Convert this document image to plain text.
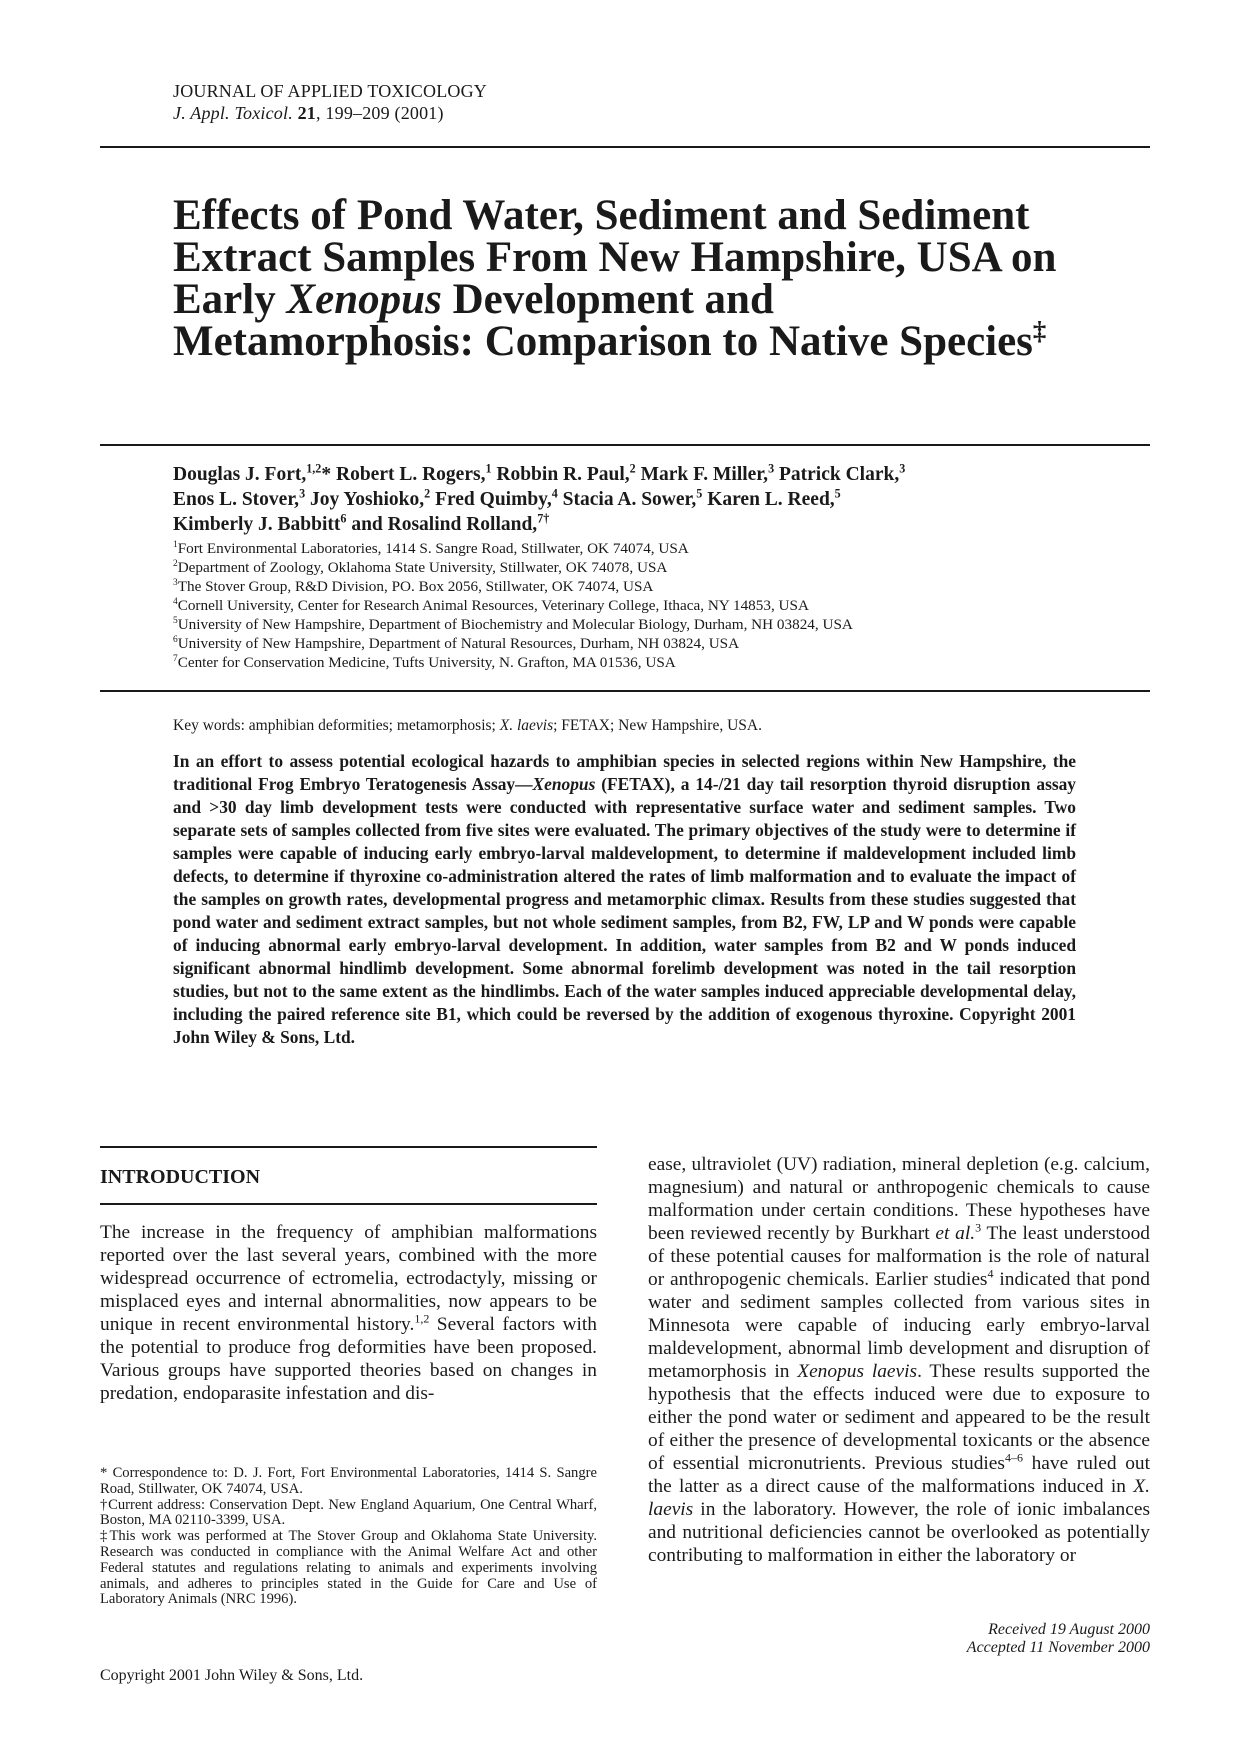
JOURNAL OF APPLIED TOXICOLOGY
J. Appl. Toxicol. 21, 199–209 (2001)
Effects of Pond Water, Sediment and Sediment Extract Samples From New Hampshire, USA on Early Xenopus Development and Metamorphosis: Comparison to Native Species‡
Douglas J. Fort,$^{1,2}$* Robert L. Rogers,$^1$ Robbin R. Paul,$^2$ Mark F. Miller,$^3$ Patrick Clark,$^3$
Enos L. Stover,$^3$ Joy Yoshioko,$^2$ Fred Quimby,$^4$ Stacia A. Sower,$^5$ Karen L. Reed,$^5$
Kimberly J. Babbitt$^6$ and Rosalind Rolland,$^{7\dagger}$
$^1$Fort Environmental Laboratories, 1414 S. Sangre Road, Stillwater, OK 74074, USA
$^2$Department of Zoology, Oklahoma State University, Stillwater, OK 74078, USA
$^3$The Stover Group, R&D Division, PO. Box 2056, Stillwater, OK 74074, USA
$^4$Cornell University, Center for Research Animal Resources, Veterinary College, Ithaca, NY 14853, USA
$^5$University of New Hampshire, Department of Biochemistry and Molecular Biology, Durham, NH 03824, USA
$^6$University of New Hampshire, Department of Natural Resources, Durham, NH 03824, USA
$^7$Center for Conservation Medicine, Tufts University, N. Grafton, MA 01536, USA
Key words: amphibian deformities; metamorphosis; X. laevis; FETAX; New Hampshire, USA.
In an effort to assess potential ecological hazards to amphibian species in selected regions within New Hampshire, the traditional Frog Embryo Teratogenesis Assay—Xenopus (FETAX), a 14-/21 day tail resorption thyroid disruption assay and >30 day limb development tests were conducted with representative surface water and sediment samples. Two separate sets of samples collected from five sites were evaluated. The primary objectives of the study were to determine if samples were capable of inducing early embryo-larval maldevelopment, to determine if maldevelopment included limb defects, to determine if thyroxine co-administration altered the rates of limb malformation and to evaluate the impact of the samples on growth rates, developmental progress and metamorphic climax. Results from these studies suggested that pond water and sediment extract samples, but not whole sediment samples, from B2, FW, LP and W ponds were capable of inducing abnormal early embryo-larval development. In addition, water samples from B2 and W ponds induced significant abnormal hindlimb development. Some abnormal forelimb development was noted in the tail resorption studies, but not to the same extent as the hindlimbs. Each of the water samples induced appreciable developmental delay, including the paired reference site B1, which could be reversed by the addition of exogenous thyroxine. Copyright 2001 John Wiley & Sons, Ltd.
INTRODUCTION
The increase in the frequency of amphibian malformations reported over the last several years, combined with the more widespread occurrence of ectromelia, ectrodactyly, missing or misplaced eyes and internal abnormalities, now appears to be unique in recent environmental history.$^{1,2}$ Several factors with the potential to produce frog deformities have been proposed. Various groups have supported theories based on changes in predation, endoparasite infestation and dis-

* Correspondence to: D. J. Fort, Fort Environmental Laboratories, 1414 S. Sangre Road, Stillwater, OK 74074, USA.

†Current address: Conservation Dept. New England Aquarium, One Central Wharf, Boston, MA 02110-3399, USA.

‡This work was performed at The Stover Group and Oklahoma State University. Research was conducted in compliance with the Animal Welfare Act and other Federal statutes and regulations relating to animals and experiments involving animals, and adheres to principles stated in the Guide for Care and Use of Laboratory Animals (NRC 1996).

ease, ultraviolet (UV) radiation, mineral depletion (e.g. calcium, magnesium) and natural or anthropogenic chemicals to cause malformation under certain conditions. These hypotheses have been reviewed recently by Burkhart et al.$^3$ The least understood of these potential causes for malformation is the role of natural or anthropogenic chemicals. Earlier studies$^4$ indicated that pond water and sediment samples collected from various sites in Minnesota were capable of inducing early embryo-larval maldevelopment, abnormal limb development and disruption of metamorphosis in Xenopus laevis. These results supported the hypothesis that the effects induced were due to exposure to either the pond water or sediment and appeared to be the result of either the presence of developmental toxicants or the absence of essential micronutrients. Previous studies$^{4-6}$ have ruled out the latter as a direct cause of the malformations induced in X. laevis in the laboratory. However, the role of ionic imbalances and nutritional deficiencies cannot be overlooked as potentially contributing to malformation in either the laboratory or
Copyright 2001 John Wiley & Sons, Ltd.
Received 19 August 2000
Accepted 11 November 2000
